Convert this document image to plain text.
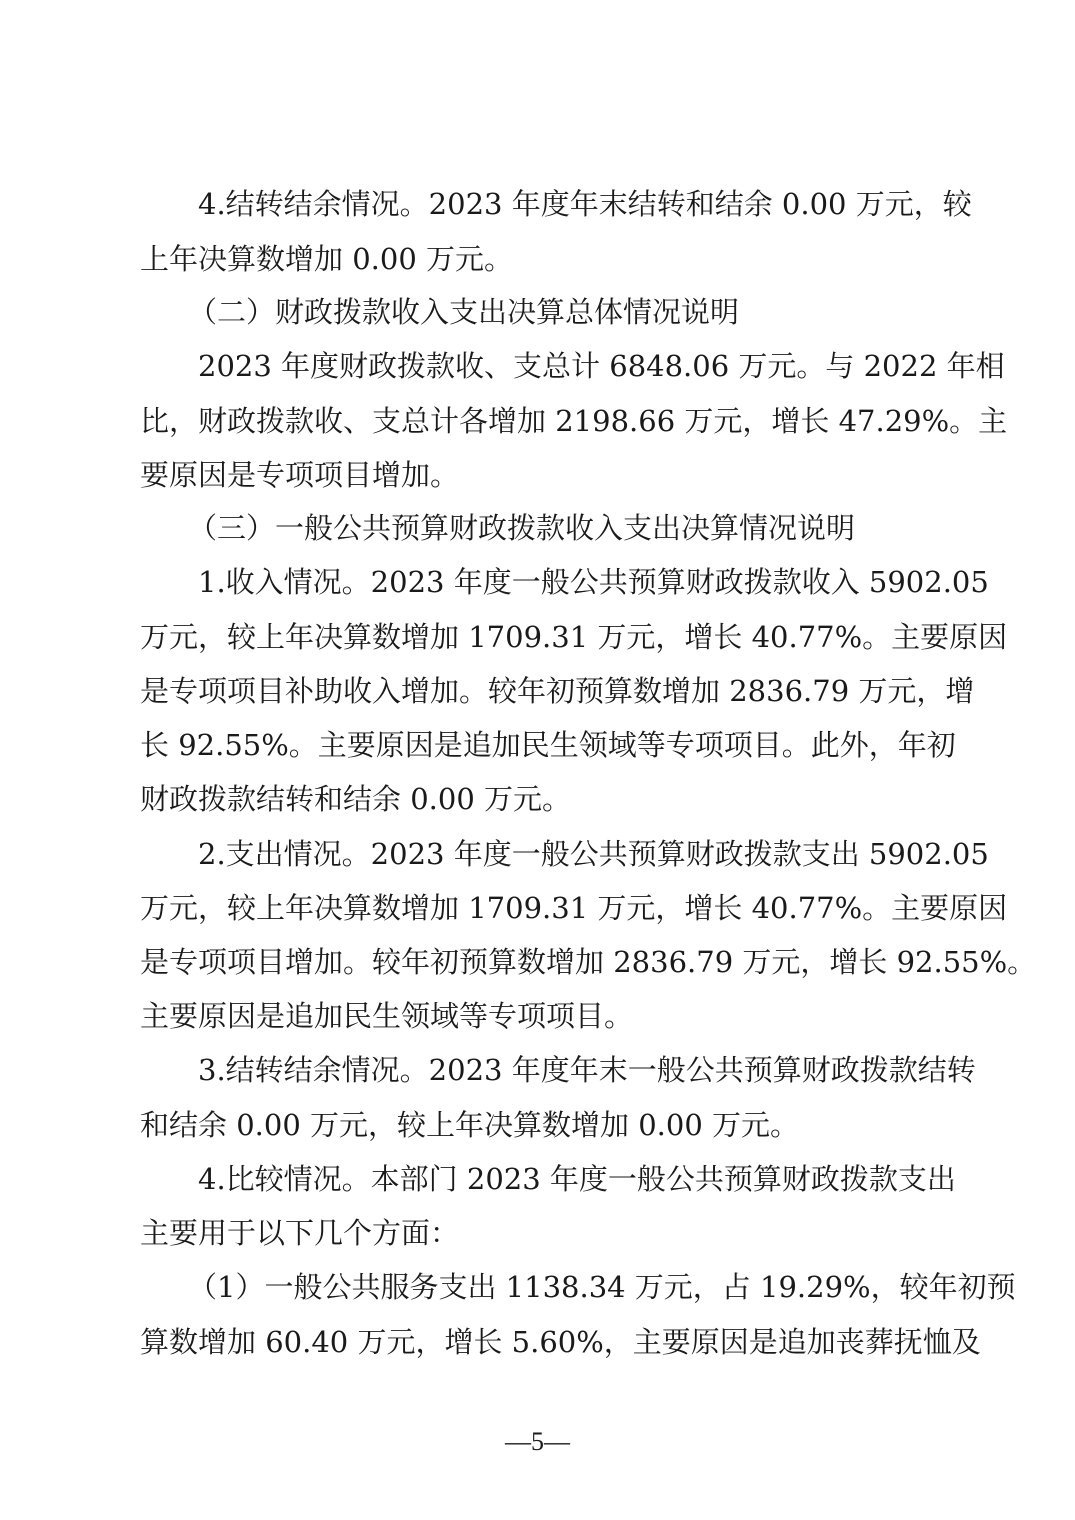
4.结转结余情况。2023 年度年末结转和结余 0.00 万元，较
上年决算数增加 0.00 万元。
（二）财政拨款收入支出决算总体情况说明
2023 年度财政拨款收、支总计 6848.06 万元。与 2022 年相
比，财政拨款收、支总计各增加 2198.66 万元，增长 47.29%。主
要原因是专项项目增加。
（三）一般公共预算财政拨款收入支出决算情况说明
1.收入情况。2023 年度一般公共预算财政拨款收入 5902.05
万元，较上年决算数增加 1709.31 万元，增长 40.77%。主要原因
是专项项目补助收入增加。较年初预算数增加 2836.79 万元，增
长 92.55%。主要原因是追加民生领域等专项项目。此外，年初
财政拨款结转和结余 0.00 万元。
2.支出情况。2023 年度一般公共预算财政拨款支出 5902.05
万元，较上年决算数增加 1709.31 万元，增长 40.77%。主要原因
是专项项目增加。较年初预算数增加 2836.79 万元，增长 92.55%。
主要原因是追加民生领域等专项项目。
3.结转结余情况。2023 年度年末一般公共预算财政拨款结转
和结余 0.00 万元，较上年决算数增加 0.00 万元。
4.比较情况。本部门 2023 年度一般公共预算财政拨款支出
主要用于以下几个方面：
（1）一般公共服务支出 1138.34 万元，占 19.29%，较年初预
算数增加 60.40 万元，增长 5.60%，主要原因是追加丧葬抚恤及
—5—
